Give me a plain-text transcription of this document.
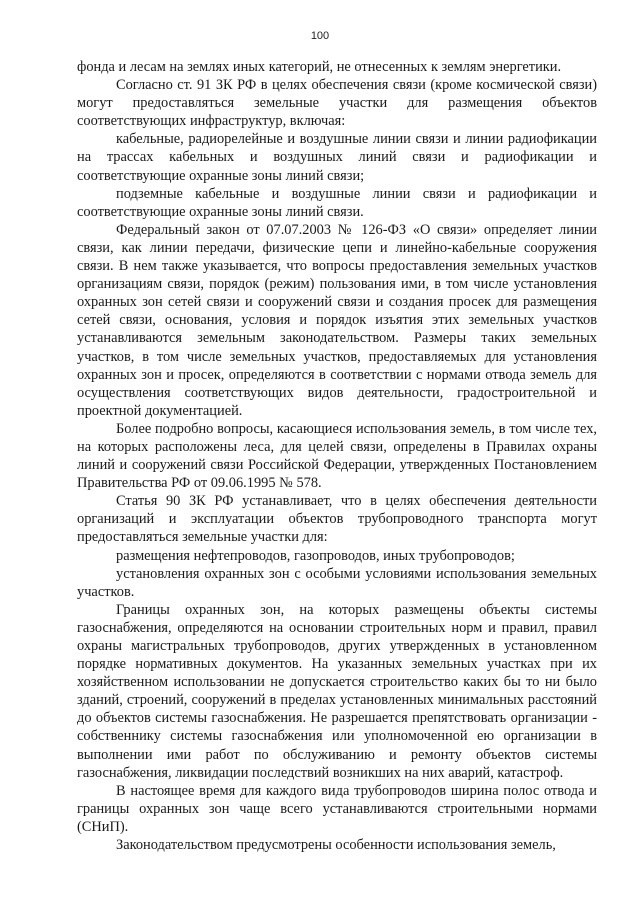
100

фонда и лесам на землях иных категорий, не отнесенных к землям энергетики.

Согласно ст. 91 ЗК РФ в целях обеспечения связи (кроме космической связи) могут предоставляться земельные участки для размещения объектов соответствующих инфраструктур, включая:

кабельные, радиорелейные и воздушные линии связи и линии радиофикации на трассах кабельных и воздушных линий связи и радиофикации и соответствующие охранные зоны линий связи;

подземные кабельные и воздушные линии связи и радиофикации и соответствующие охранные зоны линий связи.

Федеральный закон от 07.07.2003 № 126-ФЗ «О связи» определяет линии связи, как линии передачи, физические цепи и линейно-кабельные сооружения связи. В нем также указывается, что вопросы предоставления земельных участков организациям связи, порядок (режим) пользования ими, в том числе установления охранных зон сетей связи и сооружений связи и создания просек для размещения сетей связи, основания, условия и порядок изъятия этих земельных участков устанавливаются земельным законодательством. Размеры таких земельных участков, в том числе земельных участков, предоставляемых для установления охранных зон и просек, определяются в соответствии с нормами отвода земель для осуществления соответствующих видов деятельности, градостроительной и проектной документацией.

Более подробно вопросы, касающиеся использования земель, в том числе тех, на которых расположены леса, для целей связи, определены в Правилах охраны линий и сооружений связи Российской Федерации, утвержденных Постановлением Правительства РФ от 09.06.1995 № 578.

Статья 90 ЗК РФ устанавливает, что в целях обеспечения деятельности организаций и эксплуатации объектов трубопроводного транспорта могут предоставляться земельные участки для:

размещения нефтепроводов, газопроводов, иных трубопроводов;

установления охранных зон с особыми условиями использования земельных участков.

Границы охранных зон, на которых размещены объекты системы газоснабжения, определяются на основании строительных норм и правил, правил охраны магистральных трубопроводов, других утвержденных в установленном порядке нормативных документов. На указанных земельных участках при их хозяйственном использовании не допускается строительство каких бы то ни было зданий, строений, сооружений в пределах установленных минимальных расстояний до объектов системы газоснабжения. Не разрешается препятствовать организации - собственнику системы газоснабжения или уполномоченной ею организации в выполнении ими работ по обслуживанию и ремонту объектов системы газоснабжения, ликвидации последствий возникших на них аварий, катастроф.

В настоящее время для каждого вида трубопроводов ширина полос отвода и границы охранных зон чаще всего устанавливаются строительными нормами (СНиП).

Законодательством предусмотрены особенности использования земель,
